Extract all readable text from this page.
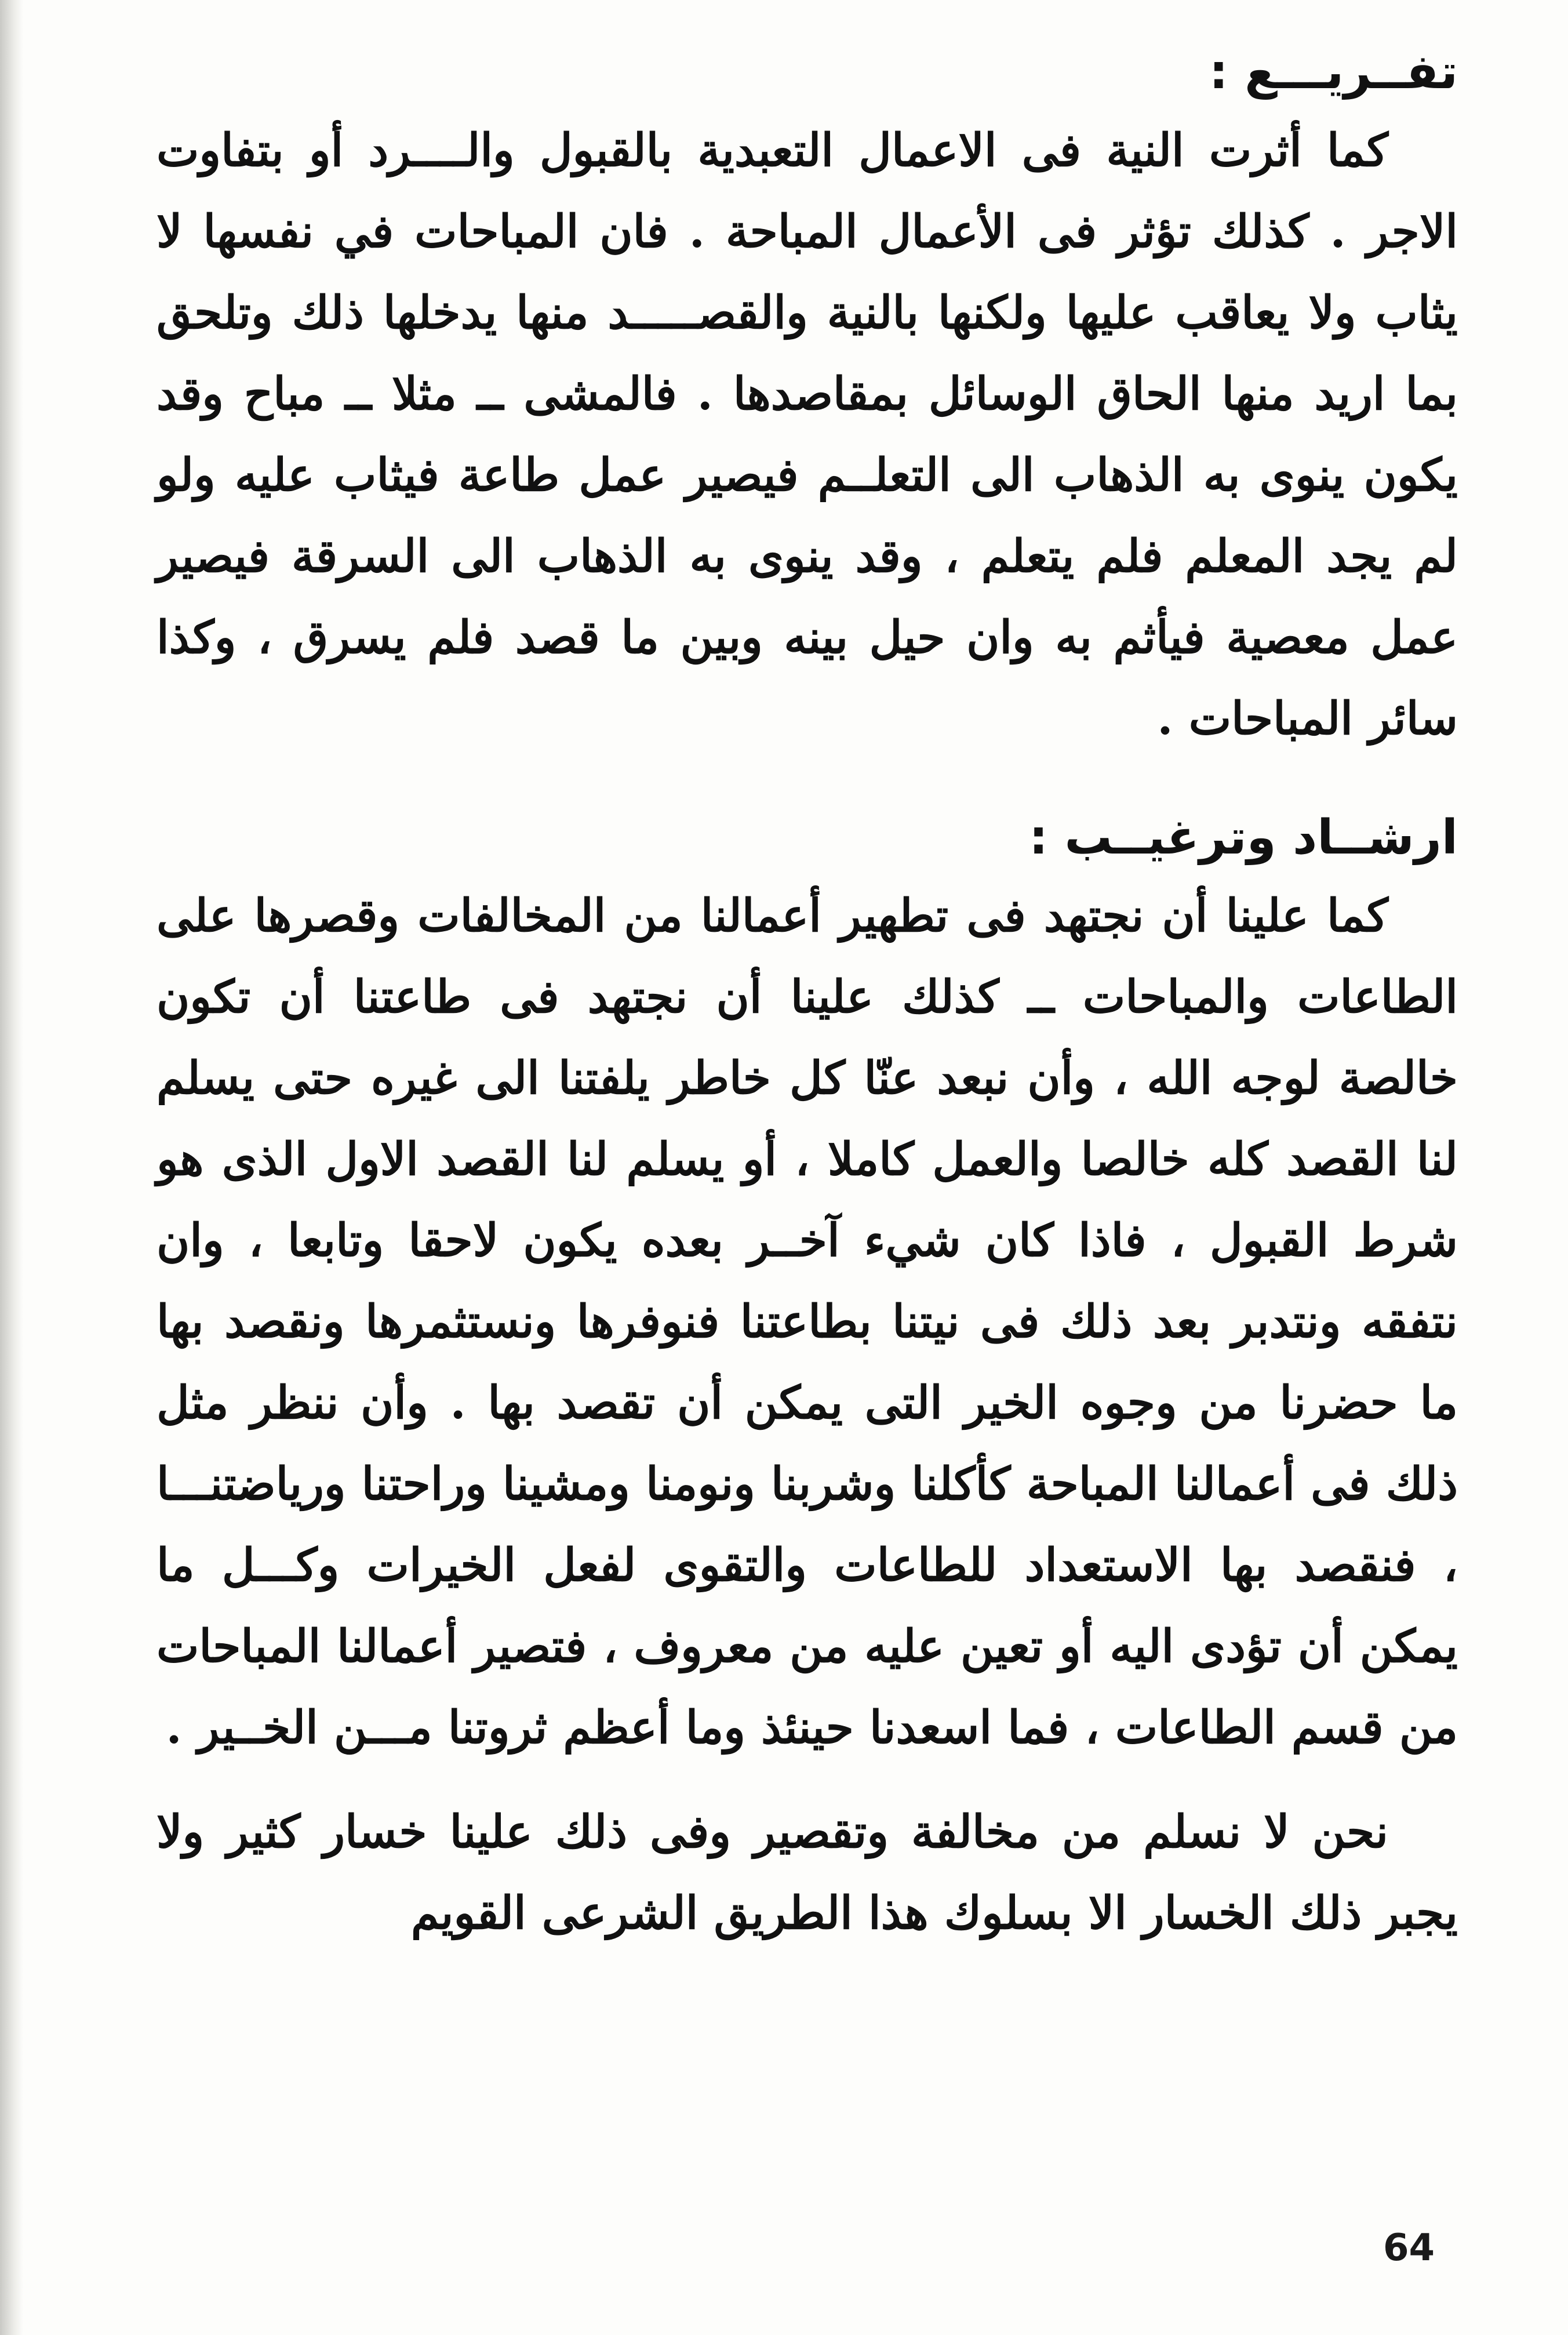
تفــريـــع :

كما أثرت النية فى الاعمال التعبدية بالقبول والــــرد أو بتفاوت الاجر . كذلك تؤثر فى الأعمال المباحة . فان المباحات في نفسها لا يثاب ولا يعاقب عليها ولكنها بالنية والقصـــــد منها يدخلها ذلك وتلحق بما اريد منها الحاق الوسائل بمقاصدها . فالمشى ــ مثلا ــ مباح وقد يكون ينوى به الذهاب الى التعلــم فيصير عمل طاعة فيثاب عليه ولو لم يجد المعلم فلم يتعلم ، وقد ينوى به الذهاب الى السرقة فيصير عمل معصية فيأثم به وان حيل بينه وبين ما قصد فلم يسرق ، وكذا سائر المباحات .

ارشــاد وترغيــب :

كما علينا أن نجتهد فى تطهير أعمالنا من المخالفات وقصرها على الطاعات والمباحات ــ كذلك علينا أن نجتهد فى طاعتنا أن تكون خالصة لوجه الله ، وأن نبعد عنّا كل خاطر يلفتنا الى غيره حتى يسلم لنا القصد كله خالصا والعمل كاملا ، أو يسلم لنا القصد الاول الذى هو شرط القبول ، فاذا كان شيء آخــر بعده يكون لاحقا وتابعا ، وان نتفقه ونتدبر بعد ذلك فى نيتنا بطاعتنا فنوفرها ونستثمرها ونقصد بها ما حضرنا من وجوه الخير التى يمكن أن تقصد بها . وأن ننظر مثل ذلك فى أعمالنا المباحة كأكلنا وشربنا ونومنا ومشينا وراحتنا ورياضتنـــا ، فنقصد بها الاستعداد للطاعات والتقوى لفعل الخيرات وكـــل ما يمكن أن تؤدى اليه أو تعين عليه من معروف ، فتصير أعمالنا المباحات من قسم الطاعات ، فما اسعدنا حينئذ وما أعظم ثروتنا مـــن الخــير .

نحن لا نسلم من مخالفة وتقصير وفى ذلك علينا خسار كثير ولا يجبر ذلك الخسار الا بسلوك هذا الطريق الشرعى القويم

64
